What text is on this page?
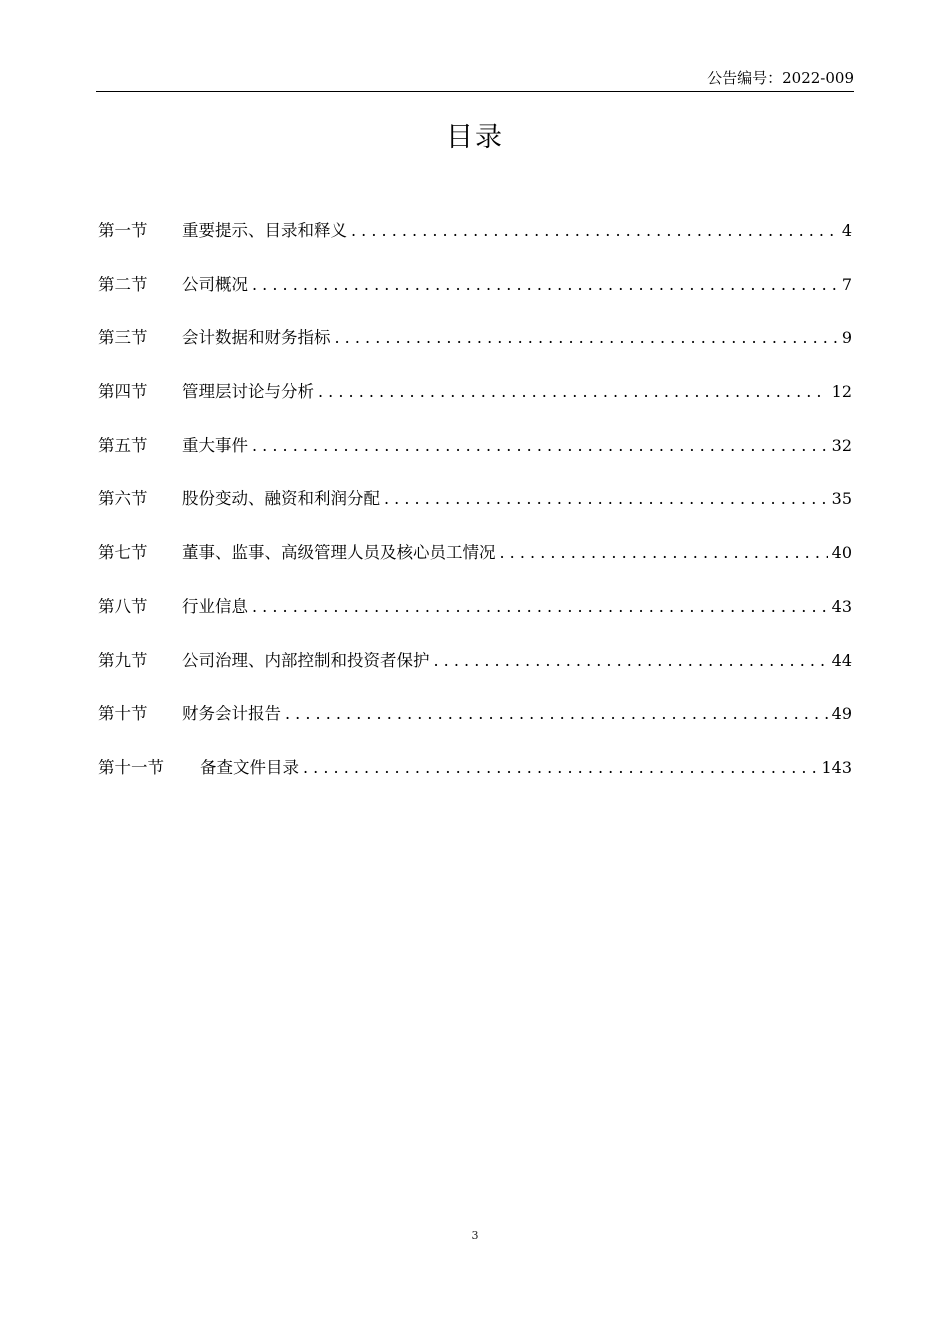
公告编号：2022-009
目录
第一节	重要提示、目录和释义 . . .	4
第二节	公司概况 . . .	7
第三节	会计数据和财务指标 . . .	9
第四节	管理层讨论与分析 . . .	12
第五节	重大事件 . . .	32
第六节	股份变动、融资和利润分配 . . .	35
第七节	董事、监事、高级管理人员及核心员工情况 . . .	40
第八节	行业信息 . . .	43
第九节	公司治理、内部控制和投资者保护 . . .	44
第十节	财务会计报告 . . .	49
第十一节	备查文件目录 . . .	143
3
